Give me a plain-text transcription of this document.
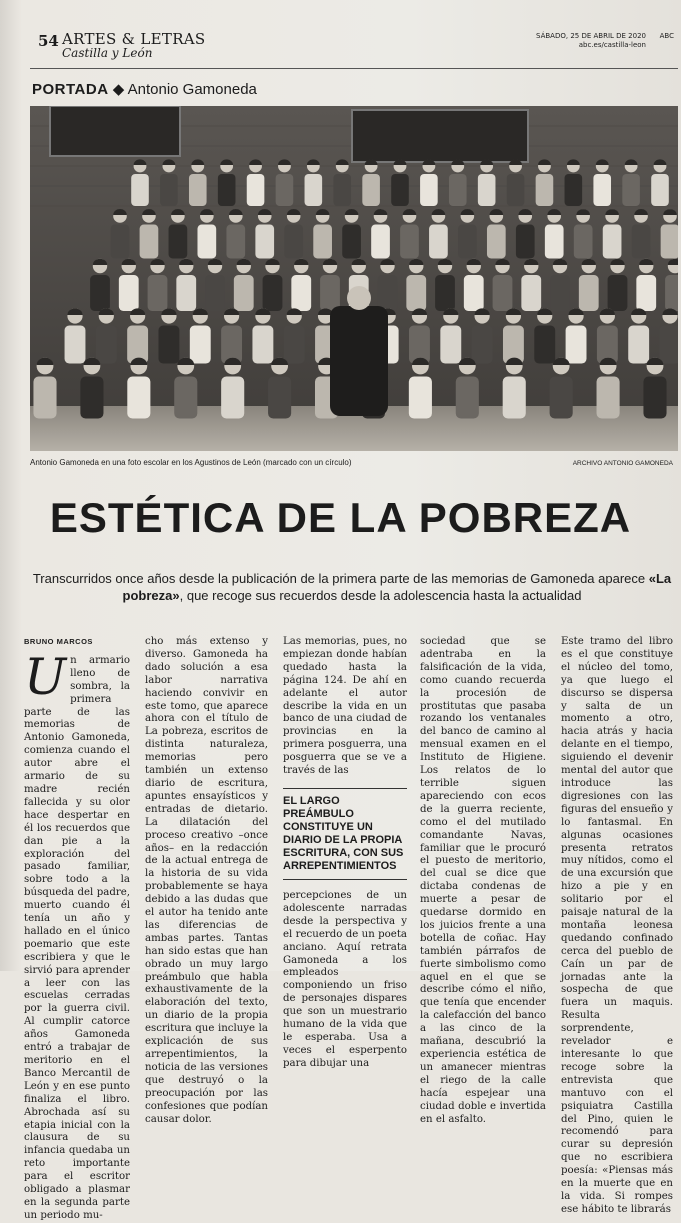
54 ARTES & LETRAS
Castilla y León
SÁBADO, 25 DE ABRIL DE 2020
abc.es/castilla-leon
ABC
PORTADA ◆ Antonio Gamoneda
Antonio Gamoneda en una foto escolar en los Agustinos de León (marcado con un círculo)	ARCHIVO ANTONIO GAMONEDA
ESTÉTICA DE LA POBREZA
Transcurridos once años desde la publicación de la primera parte de las memorias de Gamoneda aparece «La pobreza», que recoge sus recuerdos desde la adolescencia hasta la actualidad
BRUNO MARCOS
U n armario lleno de sombra, la primera parte de las memorias de Antonio Gamoneda, comienza cuando el autor abre el armario de su madre recién fallecida y su olor hace despertar en él los recuerdos que dan pie a la exploración del pasado familiar, sobre todo a la búsqueda del padre, muerto cuando él tenía un año y hallado en el único poemario que este escribiera y que le sirvió para aprender a leer con las escuelas cerradas por la guerra civil. Al cumplir catorce años Gamoneda entró a trabajar de meritorio en el Banco Mercantil de León y en ese punto finaliza el libro. Abrochada así su etapia inicial con la clausura de su infancia quedaba un reto importante para el escritor obligado a plasmar en la segunda parte un periodo mu-

cho más extenso y diverso. Gamoneda ha dado solución a esa labor narrativa haciendo convivir en este tomo, que aparece ahora con el título de La pobreza, escritos de distinta naturaleza, memorias pero también un extenso diario de escritura, apuntes ensayísticos y entradas de dietario. La dilatación del proceso creativo –once años– en la redacción de la actual entrega de la historia de su vida probablemente se haya debido a las dudas que el autor ha tenido ante las diferencias de ambas partes. Tantas han sido estas que han obrado un muy largo preámbulo que habla exhaustivamente de la elaboración del texto, un diario de la propia escritura que incluye la explicación de sus arrepentimientos, la noticia de las versiones que destruyó o la preocupación por las confesiones que podían causar dolor.

Las memorias, pues, no empiezan donde habían quedado hasta la página 124. De ahí en adelante el autor describe la vida en un banco de una ciudad de provincias en la primera posguerra, una posguerra que se ve a través de las

EL LARGO PREÁMBULO CONSTITUYE UN DIARIO DE LA PROPIA ESCRITURA, CON SUS ARREPENTIMIENTOS

percepciones de un adolescente narradas desde la perspectiva y el recuerdo de un poeta anciano. Aquí retrata Gamoneda a los empleados componiendo un friso de personajes dispares que son un muestrario humano de la vida que le esperaba. Usa a veces el esperpento para dibujar una

sociedad que se adentraba en la falsificación de la vida, como cuando recuerda la procesión de prostitutas que pasaba rozando los ventanales del banco de camino al mensual examen en el Instituto de Higiene. Los relatos de lo terrible siguen apareciendo con ecos de la guerra reciente, como el del mutilado comandante Navas, familiar que le procuró el puesto de meritorio, del cual se dice que dictaba condenas de muerte a pesar de quedarse dormido en los juicios frente a una botella de coñac. Hay también párrafos de fuerte simbolismo como aquel en el que se describe cómo el niño, que tenía que encender la calefacción del banco a las cinco de la mañana, descubrió la experiencia estética de un amanecer mientras el riego de la calle hacía espejear una ciudad doble e invertida en el asfalto.

Este tramo del libro es el que constituye el núcleo del tomo, ya que luego el discurso se dispersa y salta de un momento a otro, hacia atrás y hacia delante en el tiempo, siguiendo el devenir mental del autor que introduce las digresiones con las figuras del ensueño y lo fantasmal. En algunas ocasiones presenta retratos muy nítidos, como el de una excursión que hizo a pie y en solitario por el paisaje natural de la montaña leonesa quedando confinado cerca del pueblo de Caín un par de jornadas ante la sospecha de que fuera un maquis. Resulta sorprendente, revelador e interesante lo que recoge sobre la entrevista que mantuvo con el psiquiatra Castilla del Pino, quien le recomendó para curar su depresión que no escribiera poesía: «Piensas más en la muerte que en la vida. Si rompes ese hábito te librarás
